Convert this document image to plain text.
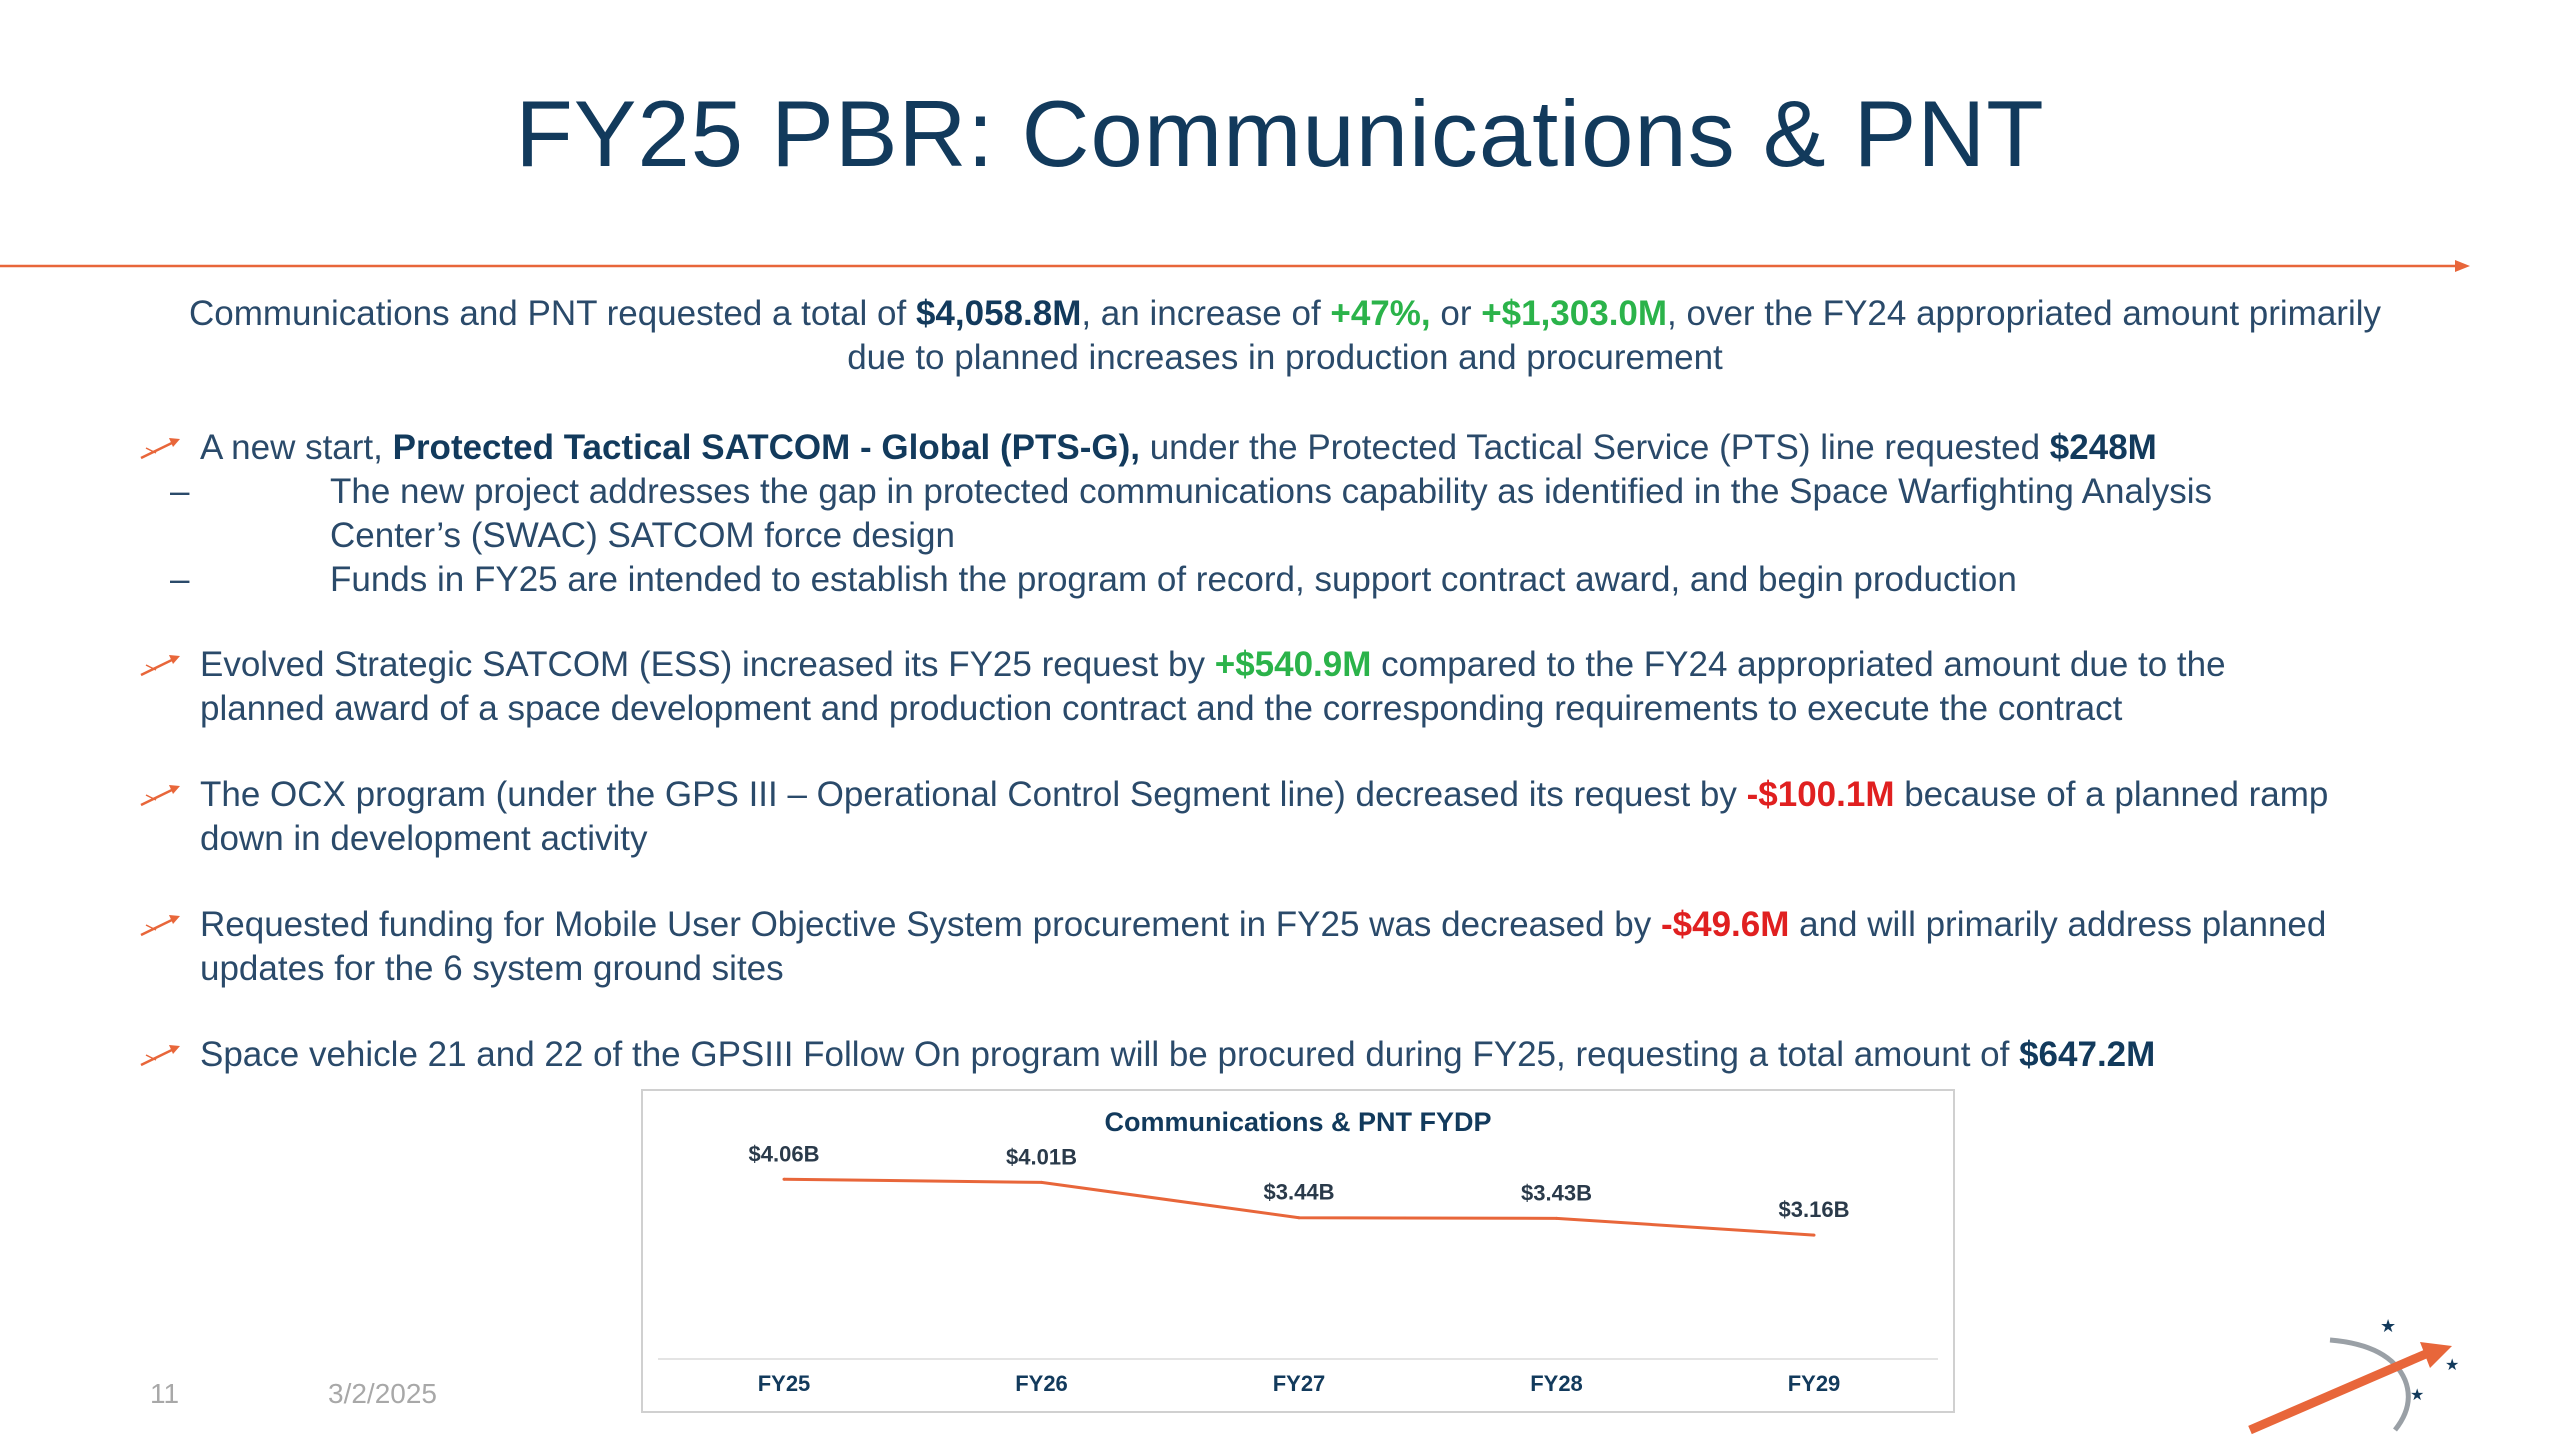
FY25 PBR: Communications & PNT
Communications and PNT requested a total of $4,058.8M, an increase of +47%, or +$1,303.0M, over the FY24 appropriated amount primarily
due to planned increases in production and procurement
A new start, Protected Tactical SATCOM - Global (PTS-G), under the Protected Tactical Service (PTS) line requested $248M
–	The new project addresses the gap in protected communications capability as identified in the Space Warfighting Analysis
Center’s (SWAC) SATCOM force design
–	Funds in FY25 are intended to establish the program of record, support contract award, and begin production
Evolved Strategic SATCOM (ESS) increased its FY25 request by +$540.9M compared to the FY24 appropriated amount due to the
planned award of a space development and production contract and the corresponding requirements to execute the contract
The OCX program (under the GPS III – Operational Control Segment line) decreased its request by -$100.1M because of a planned ramp
down in development activity
Requested funding for Mobile User Objective System procurement in FY25 was decreased by -$49.6M and will primarily address planned
updates for the 6 system ground sites
Space vehicle 21 and 22 of the GPSIII Follow On program will be procured during FY25, requesting a total amount of $647.2M
Communications & PNT FYDP
$4.06B
FY25
$4.01B
FY26
$3.44B
FY27
$3.43B
FY28
$3.16B
FY29
11	3/2/2025
★
★
★
